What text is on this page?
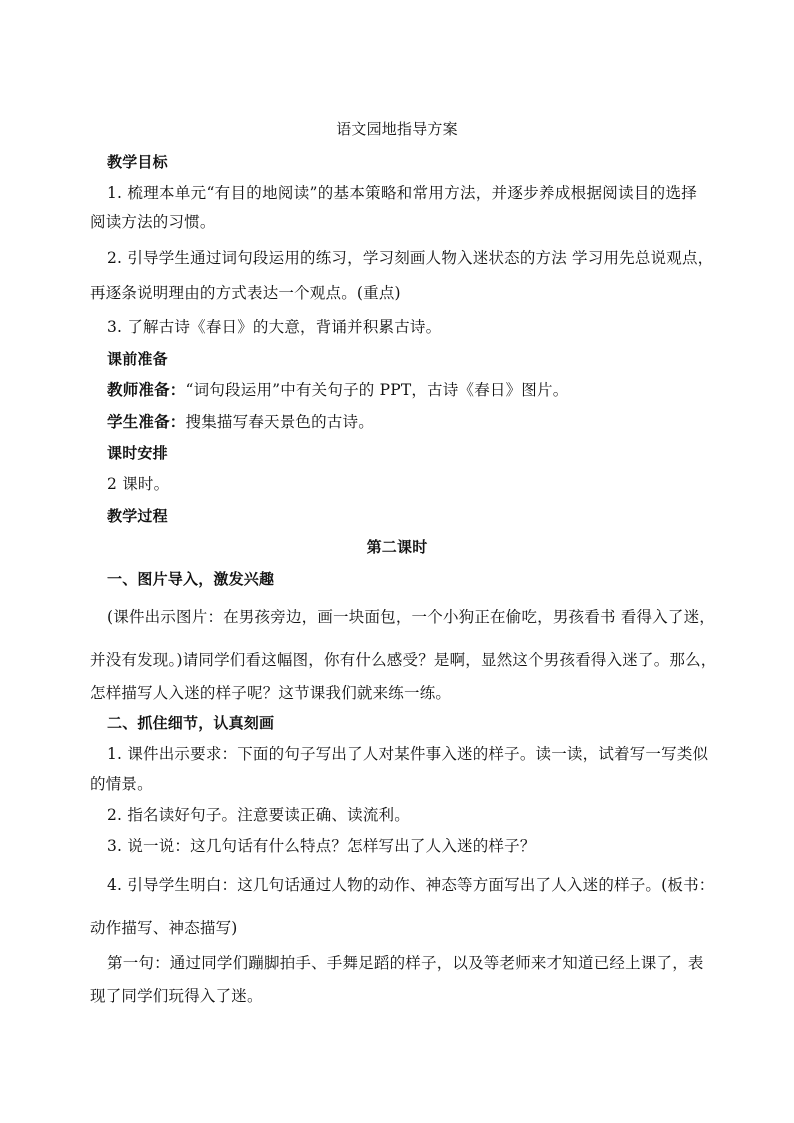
语文园地指导方案
教学目标
1. 梳理本单元“有目的地阅读”的基本策略和常用方法，并逐步养成根据阅读目的选择
阅读方法的习惯。
2. 引导学生通过词句段运用的练习，学习刻画人物入迷状态的方法 学习用先总说观点，
再逐条说明理由的方式表达一个观点。(重点)
3. 了解古诗《春日》的大意，背诵并积累古诗。
课前准备
教师准备：“词句段运用”中有关句子的 PPT，古诗《春日》图片。
学生准备：搜集描写春天景色的古诗。
课时安排
2 课时。
教学过程
第二课时
一、图片导入，激发兴趣
(课件出示图片：在男孩旁边，画一块面包，一个小狗正在偷吃，男孩看书 看得入了迷，
并没有发现。)请同学们看这幅图，你有什么感受？是啊，显然这个男孩看得入迷了。那么，
怎样描写人入迷的样子呢？这节课我们就来练一练。
二、抓住细节，认真刻画
1. 课件出示要求：下面的句子写出了人对某件事入迷的样子。读一读，试着写一写类似
的情景。
2. 指名读好句子。注意要读正确、读流利。
3. 说一说：这几句话有什么特点？怎样写出了人入迷的样子？
4. 引导学生明白：这几句话通过人物的动作、神态等方面写出了人入迷的样子。(板书：
动作描写、神态描写)
第一句：通过同学们蹦脚拍手、手舞足蹈的样子，以及等老师来才知道已经上课了，表
现了同学们玩得入了迷。
